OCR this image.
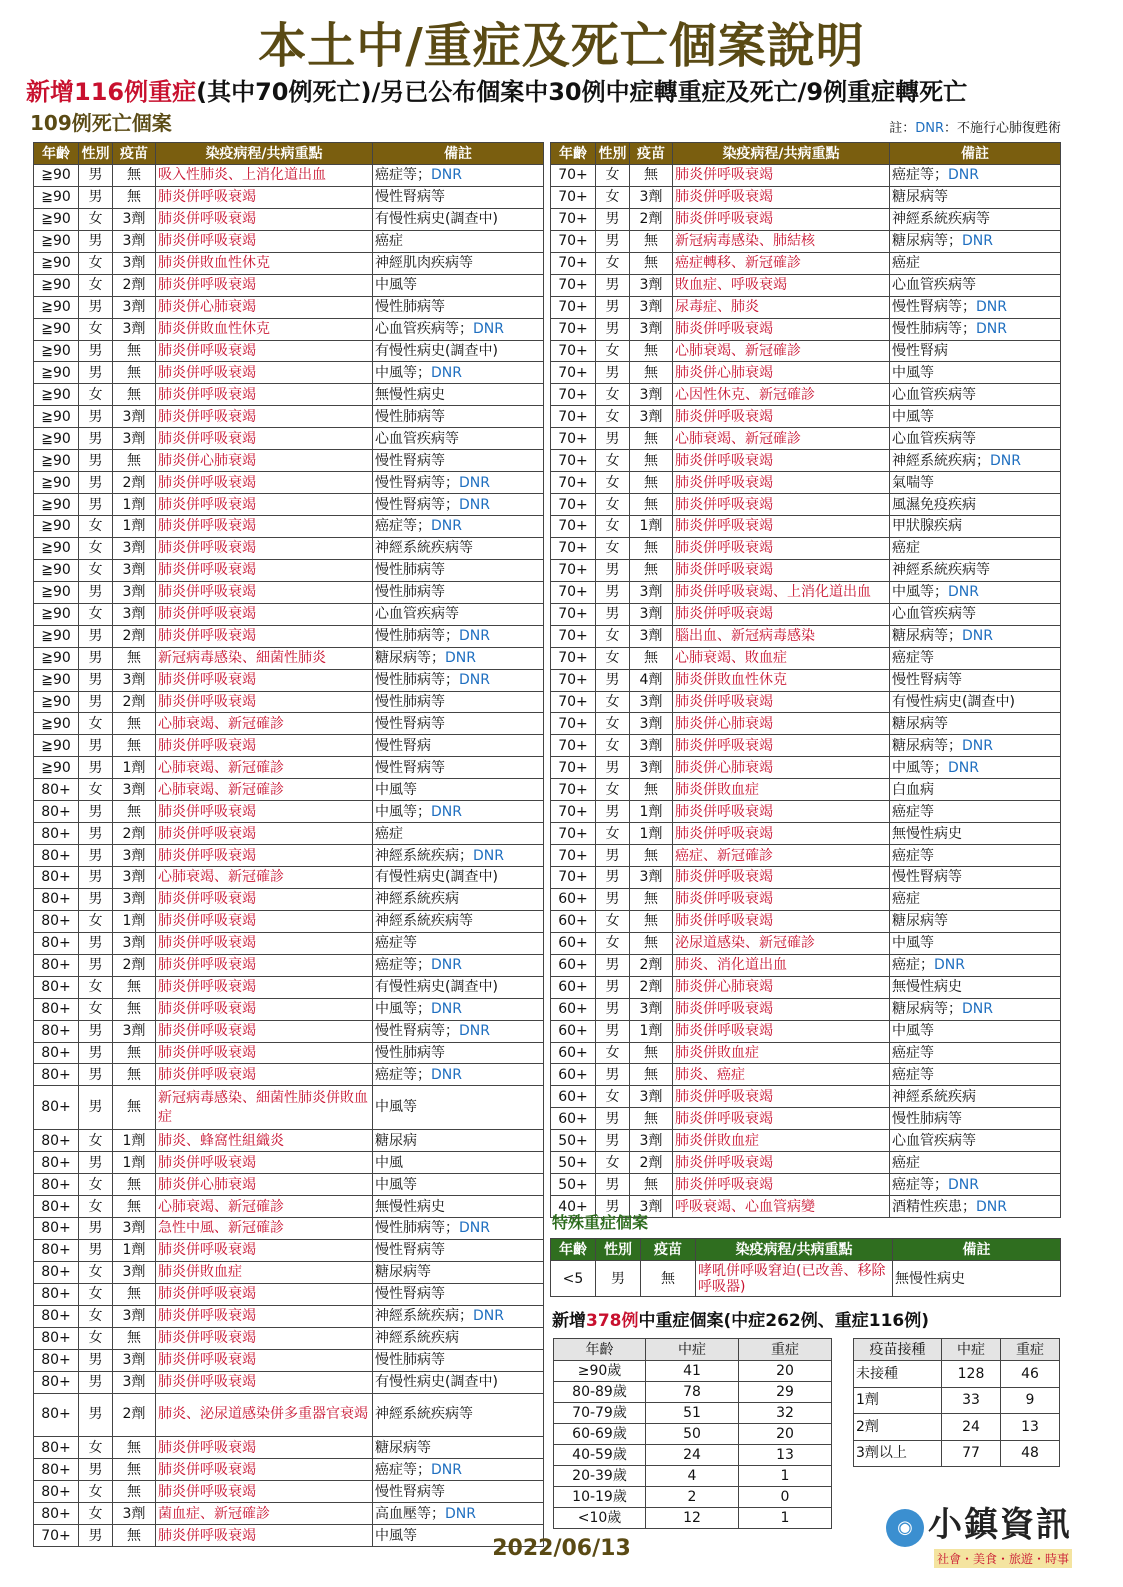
本土中/重症及死亡個案說明
新增116例重症(其中70例死亡)/另已公布個案中30例中症轉重症及死亡/9例重症轉死亡
109例死亡個案	註：DNR：不施行心肺復甦術
年齡	性別	疫苗	染疫病程/共病重點	備註
≧90	男	無	吸入性肺炎、上消化道出血	癌症等；DNR
≧90	男	無	肺炎併呼吸衰竭	慢性腎病等
≧90	女	3劑	肺炎併呼吸衰竭	有慢性病史(調查中)
≧90	男	3劑	肺炎併呼吸衰竭	癌症
≧90	女	3劑	肺炎併敗血性休克	神經肌肉疾病等
≧90	女	2劑	肺炎併呼吸衰竭	中風等
≧90	男	3劑	肺炎併心肺衰竭	慢性肺病等
≧90	女	3劑	肺炎併敗血性休克	心血管疾病等；DNR
≧90	男	無	肺炎併呼吸衰竭	有慢性病史(調查中)
≧90	男	無	肺炎併呼吸衰竭	中風等；DNR
≧90	女	無	肺炎併呼吸衰竭	無慢性病史
≧90	男	3劑	肺炎併呼吸衰竭	慢性肺病等
≧90	男	3劑	肺炎併呼吸衰竭	心血管疾病等
≧90	男	無	肺炎併心肺衰竭	慢性腎病等
≧90	男	2劑	肺炎併呼吸衰竭	慢性腎病等；DNR
≧90	男	1劑	肺炎併呼吸衰竭	慢性腎病等；DNR
≧90	女	1劑	肺炎併呼吸衰竭	癌症等；DNR
≧90	女	3劑	肺炎併呼吸衰竭	神經系統疾病等
≧90	女	3劑	肺炎併呼吸衰竭	慢性肺病等
≧90	男	3劑	肺炎併呼吸衰竭	慢性肺病等
≧90	女	3劑	肺炎併呼吸衰竭	心血管疾病等
≧90	男	2劑	肺炎併呼吸衰竭	慢性肺病等；DNR
≧90	男	無	新冠病毒感染、細菌性肺炎	糖尿病等；DNR
≧90	男	3劑	肺炎併呼吸衰竭	慢性肺病等；DNR
≧90	男	2劑	肺炎併呼吸衰竭	慢性肺病等
≧90	女	無	心肺衰竭、新冠確診	慢性腎病等
≧90	男	無	肺炎併呼吸衰竭	慢性腎病
≧90	男	1劑	心肺衰竭、新冠確診	慢性腎病等
80+	女	3劑	心肺衰竭、新冠確診	中風等
80+	男	無	肺炎併呼吸衰竭	中風等；DNR
80+	男	2劑	肺炎併呼吸衰竭	癌症
80+	男	3劑	肺炎併呼吸衰竭	神經系統疾病；DNR
80+	男	3劑	心肺衰竭、新冠確診	有慢性病史(調查中)
80+	男	3劑	肺炎併呼吸衰竭	神經系統疾病
80+	女	1劑	肺炎併呼吸衰竭	神經系統疾病等
80+	男	3劑	肺炎併呼吸衰竭	癌症等
80+	男	2劑	肺炎併呼吸衰竭	癌症等；DNR
80+	女	無	肺炎併呼吸衰竭	有慢性病史(調查中)
80+	女	無	肺炎併呼吸衰竭	中風等；DNR
80+	男	3劑	肺炎併呼吸衰竭	慢性腎病等；DNR
80+	男	無	肺炎併呼吸衰竭	慢性肺病等
80+	男	無	肺炎併呼吸衰竭	癌症等；DNR
80+	男	無	新冠病毒感染、細菌性肺炎併敗血症	中風等
80+	女	1劑	肺炎、蜂窩性組織炎	糖尿病
80+	男	1劑	肺炎併呼吸衰竭	中風
80+	女	無	肺炎併心肺衰竭	中風等
80+	女	無	心肺衰竭、新冠確診	無慢性病史
80+	男	3劑	急性中風、新冠確診	慢性肺病等；DNR
80+	男	1劑	肺炎併呼吸衰竭	慢性腎病等
80+	女	3劑	肺炎併敗血症	糖尿病等
80+	女	無	肺炎併呼吸衰竭	慢性腎病等
80+	女	3劑	肺炎併呼吸衰竭	神經系統疾病；DNR
80+	女	無	肺炎併呼吸衰竭	神經系統疾病
80+	男	3劑	肺炎併呼吸衰竭	慢性肺病等
80+	男	3劑	肺炎併呼吸衰竭	有慢性病史(調查中)
80+	男	2劑	肺炎、泌尿道感染併多重器官衰竭	神經系統疾病等
80+	女	無	肺炎併呼吸衰竭	糖尿病等
80+	男	無	肺炎併呼吸衰竭	癌症等；DNR
80+	女	無	肺炎併呼吸衰竭	慢性腎病等
80+	女	3劑	菌血症、新冠確診	高血壓等；DNR
70+	男	無	肺炎併呼吸衰竭	中風等
年齡	性別	疫苗	染疫病程/共病重點	備註
70+	女	無	肺炎併呼吸衰竭	癌症等；DNR
70+	女	3劑	肺炎併呼吸衰竭	糖尿病等
70+	男	2劑	肺炎併呼吸衰竭	神經系統疾病等
70+	男	無	新冠病毒感染、肺結核	糖尿病等；DNR
70+	女	無	癌症轉移、新冠確診	癌症
70+	男	3劑	敗血症、呼吸衰竭	心血管疾病等
70+	男	3劑	尿毒症、肺炎	慢性腎病等；DNR
70+	男	3劑	肺炎併呼吸衰竭	慢性肺病等；DNR
70+	女	無	心肺衰竭、新冠確診	慢性腎病
70+	男	無	肺炎併心肺衰竭	中風等
70+	女	3劑	心因性休克、新冠確診	心血管疾病等
70+	女	3劑	肺炎併呼吸衰竭	中風等
70+	男	無	心肺衰竭、新冠確診	心血管疾病等
70+	女	無	肺炎併呼吸衰竭	神經系統疾病；DNR
70+	女	無	肺炎併呼吸衰竭	氣喘等
70+	女	無	肺炎併呼吸衰竭	風濕免疫疾病
70+	女	1劑	肺炎併呼吸衰竭	甲狀腺疾病
70+	女	無	肺炎併呼吸衰竭	癌症
70+	男	無	肺炎併呼吸衰竭	神經系統疾病等
70+	男	3劑	肺炎併呼吸衰竭、上消化道出血	中風等；DNR
70+	男	3劑	肺炎併呼吸衰竭	心血管疾病等
70+	女	3劑	腦出血、新冠病毒感染	糖尿病等；DNR
70+	女	無	心肺衰竭、敗血症	癌症等
70+	男	4劑	肺炎併敗血性休克	慢性腎病等
70+	女	3劑	肺炎併呼吸衰竭	有慢性病史(調查中)
70+	女	3劑	肺炎併心肺衰竭	糖尿病等
70+	女	3劑	肺炎併呼吸衰竭	糖尿病等；DNR
70+	男	3劑	肺炎併心肺衰竭	中風等；DNR
70+	女	無	肺炎併敗血症	白血病
70+	男	1劑	肺炎併呼吸衰竭	癌症等
70+	女	1劑	肺炎併呼吸衰竭	無慢性病史
70+	男	無	癌症、新冠確診	癌症等
70+	男	3劑	肺炎併呼吸衰竭	慢性腎病等
60+	男	無	肺炎併呼吸衰竭	癌症
60+	女	無	肺炎併呼吸衰竭	糖尿病等
60+	女	無	泌尿道感染、新冠確診	中風等
60+	男	2劑	肺炎、消化道出血	癌症；DNR
60+	男	2劑	肺炎併心肺衰竭	無慢性病史
60+	男	3劑	肺炎併呼吸衰竭	糖尿病等；DNR
60+	男	1劑	肺炎併呼吸衰竭	中風等
60+	女	無	肺炎併敗血症	癌症等
60+	男	無	肺炎、癌症	癌症等
60+	女	3劑	肺炎併呼吸衰竭	神經系統疾病
60+	男	無	肺炎併呼吸衰竭	慢性肺病等
50+	男	3劑	肺炎併敗血症	心血管疾病等
50+	女	2劑	肺炎併呼吸衰竭	癌症
50+	男	無	肺炎併呼吸衰竭	癌症等；DNR
40+	男	3劑	呼吸衰竭、心血管病變	酒精性疾患；DNR
特殊重症個案
年齡	性別	疫苗	染疫病程/共病重點	備註
<5	男	無	哮吼併呼吸窘迫(已改善、移除呼吸器)	無慢性病史
新增378例中重症個案(中症262例、重症116例)
年齡	中症	重症
≥90歲	41	20
80-89歲	78	29
70-79歲	51	32
60-69歲	50	20
40-59歲	24	13
20-39歲	4	1
10-19歲	2	0
<10歲	12	1
疫苗接種	中症	重症
未接種	128	46
1劑	33	9
2劑	24	13
3劑以上	77	48
2022/06/13
◉ 小鎮資訊
社會・美食・旅遊・時事
